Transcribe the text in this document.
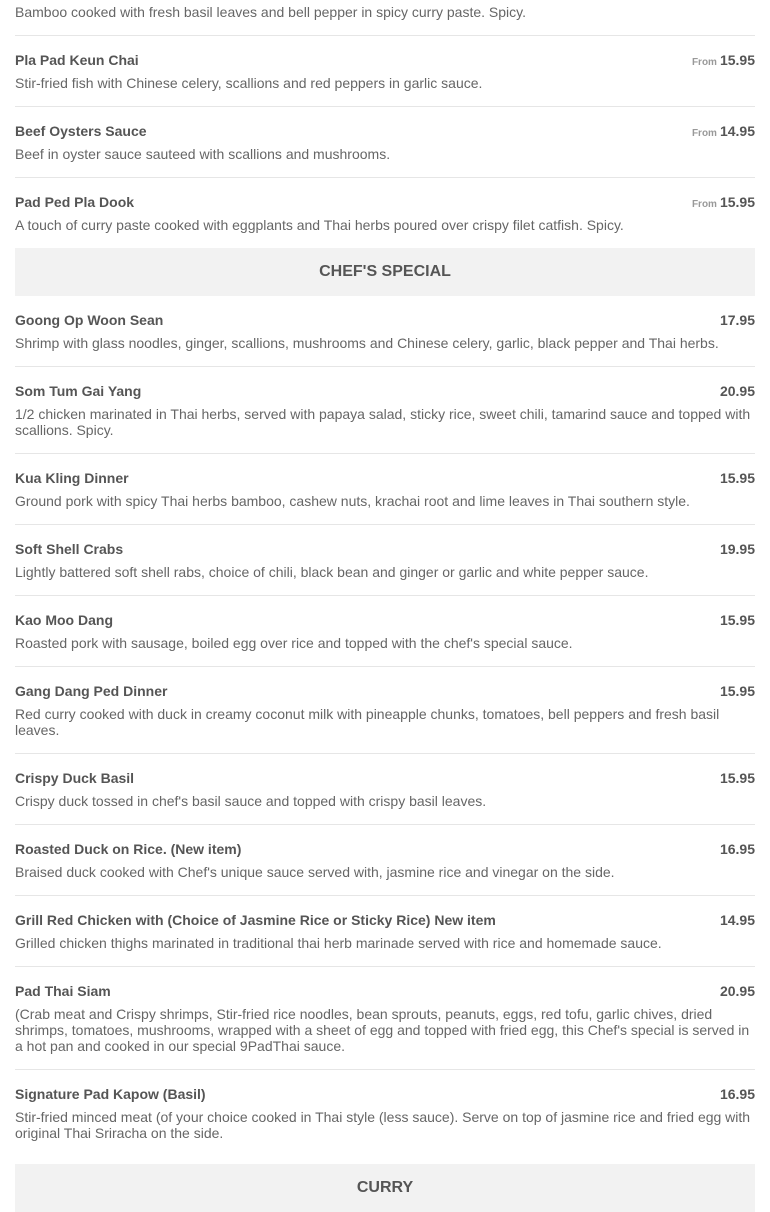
Bamboo cooked with fresh basil leaves and bell pepper in spicy curry paste. Spicy.
Pla Pad Keun Chai	From 15.95
Stir-fried fish with Chinese celery, scallions and red peppers in garlic sauce.
Beef Oysters Sauce	From 14.95
Beef in oyster sauce sauteed with scallions and mushrooms.
Pad Ped Pla Dook	From 15.95
A touch of curry paste cooked with eggplants and Thai herbs poured over crispy filet catfish. Spicy.
CHEF'S SPECIAL
Goong Op Woon Sean	17.95
Shrimp with glass noodles, ginger, scallions, mushrooms and Chinese celery, garlic, black pepper and Thai herbs.
Som Tum Gai Yang	20.95
1/2 chicken marinated in Thai herbs, served with papaya salad, sticky rice, sweet chili, tamarind sauce and topped with scallions. Spicy.
Kua Kling Dinner	15.95
Ground pork with spicy Thai herbs bamboo, cashew nuts, krachai root and lime leaves in Thai southern style.
Soft Shell Crabs	19.95
Lightly battered soft shell rabs, choice of chili, black bean and ginger or garlic and white pepper sauce.
Kao Moo Dang	15.95
Roasted pork with sausage, boiled egg over rice and topped with the chef's special sauce.
Gang Dang Ped Dinner	15.95
Red curry cooked with duck in creamy coconut milk with pineapple chunks, tomatoes, bell peppers and fresh basil leaves.
Crispy Duck Basil	15.95
Crispy duck tossed in chef's basil sauce and topped with crispy basil leaves.
Roasted Duck on Rice. (New item)	16.95
Braised duck cooked with Chef's unique sauce served with, jasmine rice and vinegar on the side.
Grill Red Chicken with (Choice of Jasmine Rice or Sticky Rice) New item	14.95
Grilled chicken thighs marinated in traditional thai herb marinade served with rice and homemade sauce.
Pad Thai Siam	20.95
(Crab meat and Crispy shrimps, Stir-fried rice noodles, bean sprouts, peanuts, eggs, red tofu, garlic chives, dried shrimps, tomatoes, mushrooms, wrapped with a sheet of egg and topped with fried egg, this Chef's special is served in a hot pan and cooked in our special 9PadThai sauce.
Signature Pad Kapow (Basil)	16.95
Stir-fried minced meat (of your choice cooked in Thai style (less sauce). Serve on top of jasmine rice and fried egg with original Thai Sriracha on the side.
CURRY
